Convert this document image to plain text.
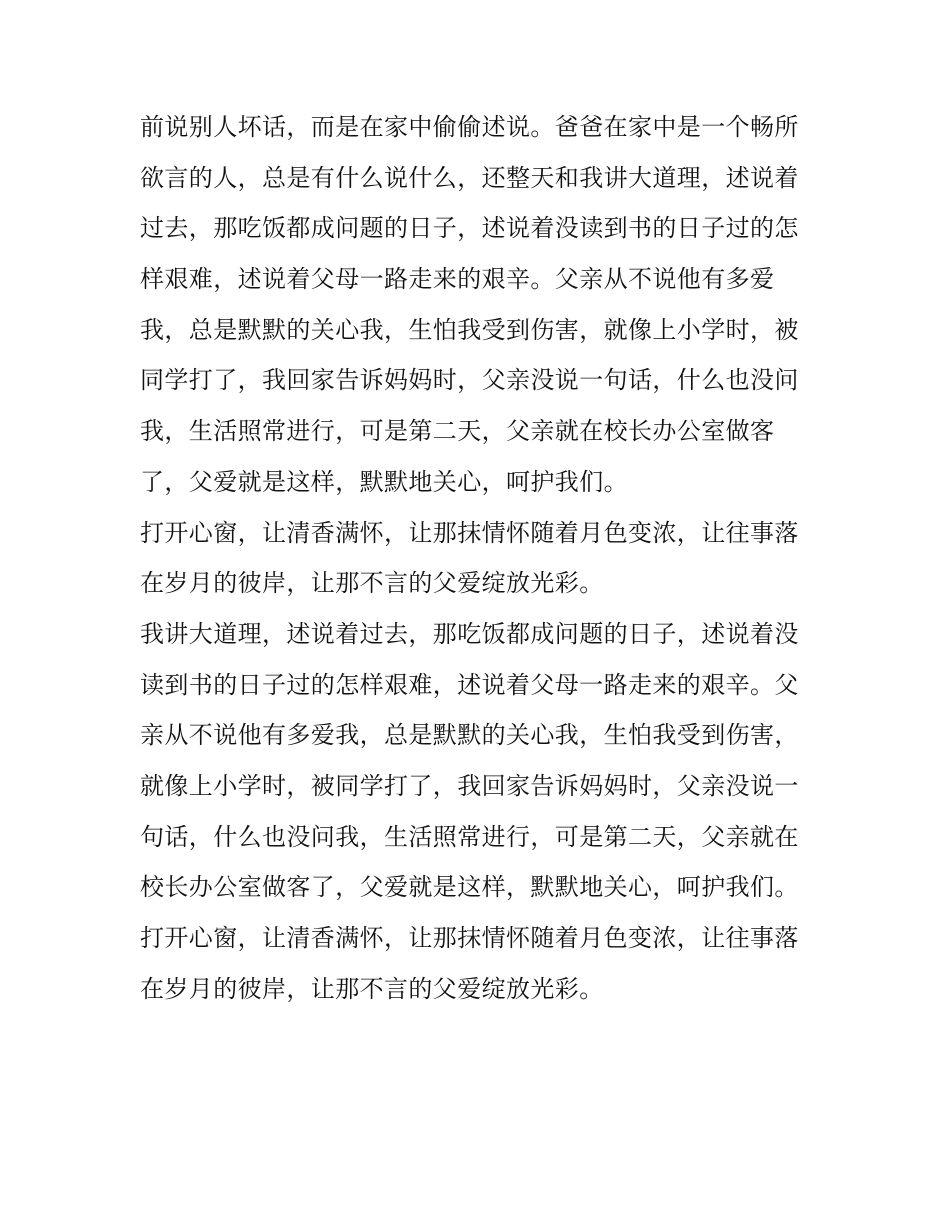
前说别人坏话，而是在家中偷偷述说。爸爸在家中是一个畅所
欲言的人，总是有什么说什么，还整天和我讲大道理，述说着
过去，那吃饭都成问题的日子，述说着没读到书的日子过的怎
样艰难，述说着父母一路走来的艰辛。父亲从不说他有多爱
我，总是默默的关心我，生怕我受到伤害，就像上小学时，被
同学打了，我回家告诉妈妈时，父亲没说一句话，什么也没问
我，生活照常进行，可是第二天，父亲就在校长办公室做客
了，父爱就是这样，默默地关心，呵护我们。

打开心窗，让清香满怀，让那抹情怀随着月色变浓，让往事落
在岁月的彼岸，让那不言的父爱绽放光彩。

我讲大道理，述说着过去，那吃饭都成问题的日子，述说着没
读到书的日子过的怎样艰难，述说着父母一路走来的艰辛。父
亲从不说他有多爱我，总是默默的关心我，生怕我受到伤害，
就像上小学时，被同学打了，我回家告诉妈妈时，父亲没说一
句话，什么也没问我，生活照常进行，可是第二天，父亲就在
校长办公室做客了，父爱就是这样，默默地关心，呵护我们。

打开心窗，让清香满怀，让那抹情怀随着月色变浓，让往事落
在岁月的彼岸，让那不言的父爱绽放光彩。
